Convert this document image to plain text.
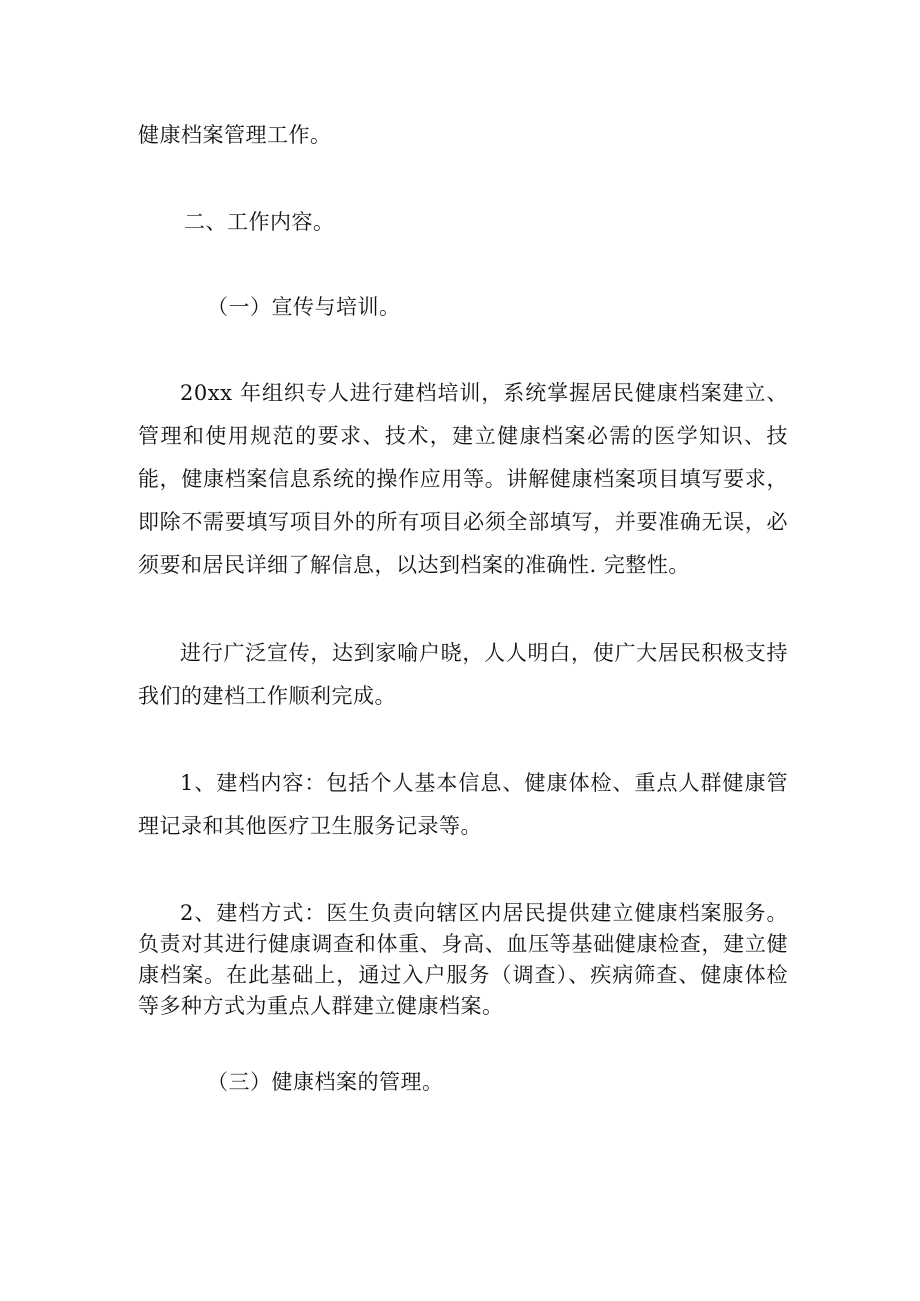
健康档案管理工作。
二、工作内容。
（一）宣传与培训。
20xx 年组织专人进行建档培训，系统掌握居民健康档案建立、管理和使用规范的要求、技术，建立健康档案必需的医学知识、技能，健康档案信息系统的操作应用等。讲解健康档案项目填写要求，即除不需要填写项目外的所有项目必须全部填写，并要准确无误，必须要和居民详细了解信息，以达到档案的准确性. 完整性。
进行广泛宣传，达到家喻户晓，人人明白，使广大居民积极支持我们的建档工作顺利完成。
1、建档内容：包括个人基本信息、健康体检、重点人群健康管理记录和其他医疗卫生服务记录等。
2、建档方式：医生负责向辖区内居民提供建立健康档案服务。负责对其进行健康调查和体重、身高、血压等基础健康检查，建立健康档案。在此基础上，通过入户服务（调查）、疾病筛查、健康体检等多种方式为重点人群建立健康档案。
（三）健康档案的管理。
